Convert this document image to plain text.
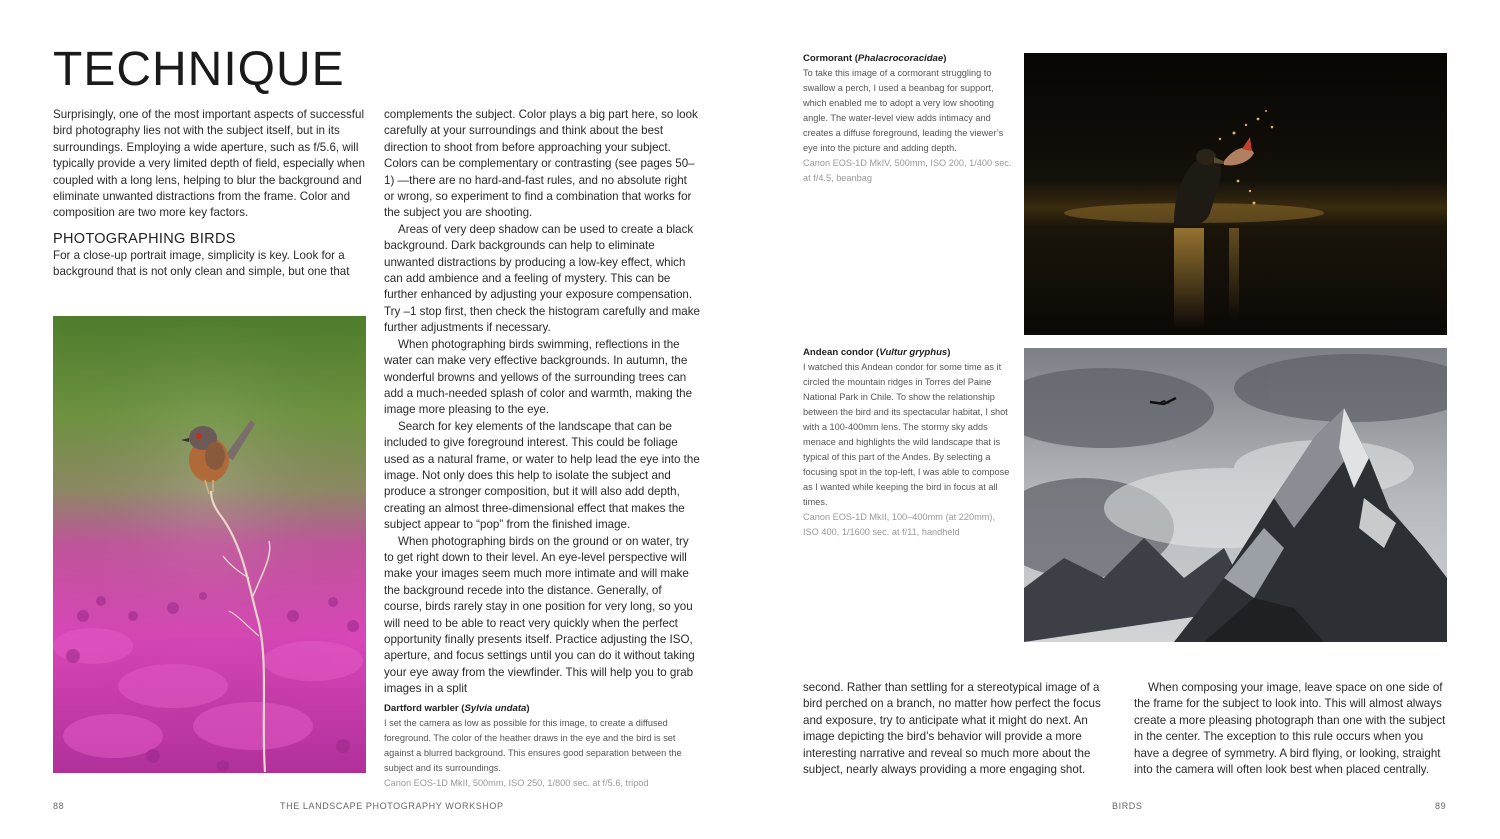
TECHNIQUE

Surprisingly, one of the most important aspects of successful bird photography lies not with the subject itself, but in its surroundings. Employing a wide aperture, such as f/5.6, will typically provide a very limited depth of field, especially when coupled with a long lens, helping to blur the background and eliminate unwanted distractions from the frame. Color and composition are two more key factors.

PHOTOGRAPHING BIRDS

For a close-up portrait image, simplicity is key. Look for a background that is not only clean and simple, but one that

complements the subject. Color plays a big part here, so look carefully at your surroundings and think about the best direction to shoot from before approaching your subject. Colors can be complementary or contrasting (see pages 50–1) —there are no hard-and-fast rules, and no absolute right or wrong, so experiment to find a combination that works for the subject you are shooting.

Areas of very deep shadow can be used to create a black background. Dark backgrounds can help to eliminate unwanted distractions by producing a low-key effect, which can add ambience and a feeling of mystery. This can be further enhanced by adjusting your exposure compensation. Try –1 stop first, then check the histogram carefully and make further adjustments if necessary.

When photographing birds swimming, reflections in the water can make very effective backgrounds. In autumn, the wonderful browns and yellows of the surrounding trees can add a much-needed splash of color and warmth, making the image more pleasing to the eye.

Search for key elements of the landscape that can be included to give foreground interest. This could be foliage used as a natural frame, or water to help lead the eye into the image. Not only does this help to isolate the subject and produce a stronger composition, but it will also add depth, creating an almost three-dimensional effect that makes the subject appear to “pop” from the finished image.

When photographing birds on the ground or on water, try to get right down to their level. An eye-level perspective will make your images seem much more intimate and will make the background recede into the distance. Generally, of course, birds rarely stay in one position for very long, so you will need to be able to react very quickly when the perfect opportunity finally presents itself. Practice adjusting the ISO, aperture, and focus settings until you can do it without taking your eye away from the viewfinder. This will help you to grab images in a split

Dartford warbler (Sylvia undata)
I set the camera as low as possible for this image, to create a diffused foreground. The color of the heather draws in the eye and the bird is set against a blurred background. This ensures good separation between the subject and its surroundings.
Canon EOS-1D MkII, 500mm, ISO 250, 1/800 sec. at f/5.6, tripod
Cormorant (Phalacrocoracidae)
To take this image of a cormorant struggling to swallow a perch, I used a beanbag for support, which enabled me to adopt a very low shooting angle. The water-level view adds intimacy and creates a diffuse foreground, leading the viewer’s eye into the picture and adding depth.
Canon EOS-1D MkIV, 500mm, ISO 200, 1/400 sec. at f/4.5, beanbag
Andean condor (Vultur gryphus)
I watched this Andean condor for some time as it circled the mountain ridges in Torres del Paine National Park in Chile. To show the relationship between the bird and its spectacular habitat, I shot with a 100-400mm lens. The stormy sky adds menace and highlights the wild landscape that is typical of this part of the Andes. By selecting a focusing spot in the top-left, I was able to compose as I wanted while keeping the bird in focus at all times.
Canon EOS-1D MkII, 100–400mm (at 220mm), ISO 400, 1/1600 sec. at f/11, handheld

second. Rather than settling for a stereotypical image of a bird perched on a branch, no matter how perfect the focus and exposure, try to anticipate what it might do next. An image depicting the bird’s behavior will provide a more interesting narrative and reveal so much more about the subject, nearly always providing a more engaging shot.

When composing your image, leave space on one side of the frame for the subject to look into. This will almost always create a more pleasing photograph than one with the subject in the center. The exception to this rule occurs when you have a degree of symmetry. A bird flying, or looking, straight into the camera will often look best when placed centrally.

88	THE LANDSCAPE PHOTOGRAPHY WORKSHOP	BIRDS	89
